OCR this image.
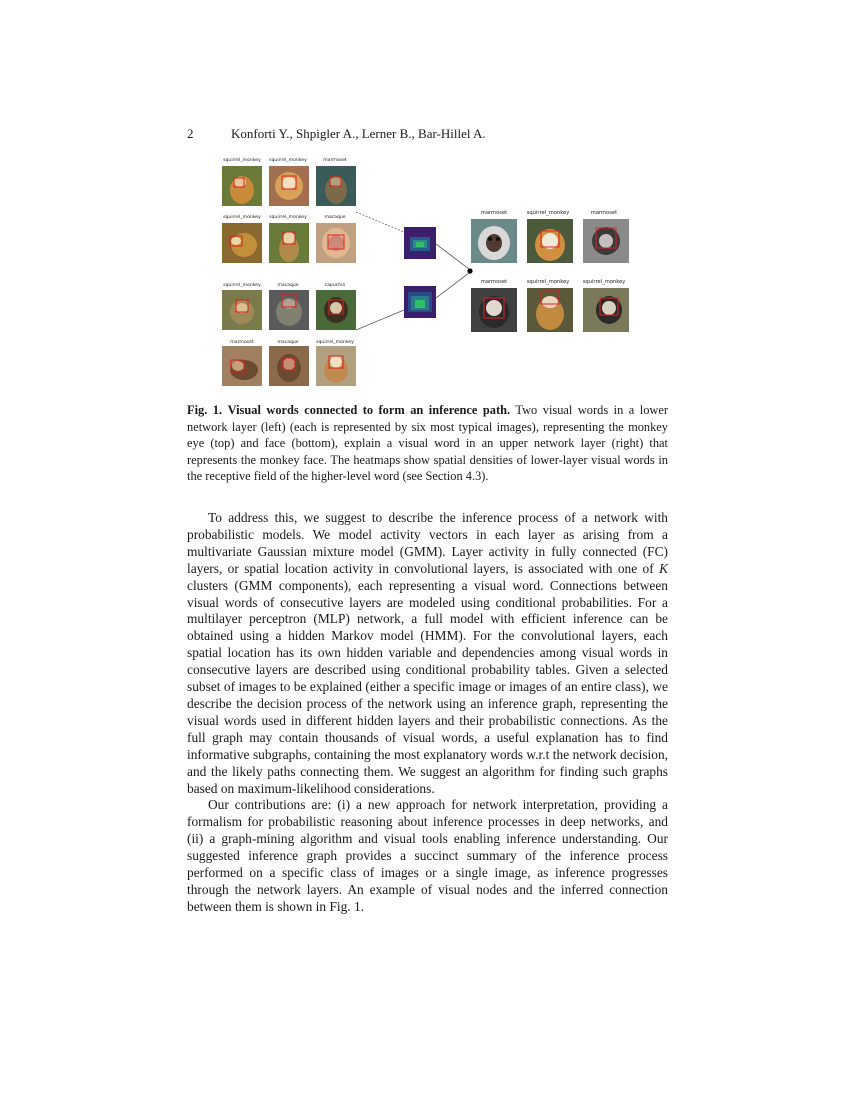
2	Konforti Y., Shpigler A., Lerner B., Bar-Hillel A.
squirrel_monkey	squirrel_monkey	marmoset
squirrel_monkey	squirrel_monkey	macaque
squirrel_monkey	macaque	capuchin
marmoset	macaque	squirrel_monkey
marmoset	squirrel_monkey	marmoset
marmoset	squirrel_monkey	squirrel_monkey
Fig. 1. Visual words connected to form an inference path. Two visual words in a lower network layer (left) (each is represented by six most typical images), representing the monkey eye (top) and face (bottom), explain a visual word in an upper network layer (right) that represents the monkey face. The heatmaps show spatial densities of lower-layer visual words in the receptive field of the higher-level word (see Section 4.3).

To address this, we suggest to describe the inference process of a network with probabilistic models. We model activity vectors in each layer as arising from a multivariate Gaussian mixture model (GMM). Layer activity in fully connected (FC) layers, or spatial location activity in convolutional layers, is associated with one of K clusters (GMM components), each representing a visual word. Connections between visual words of consecutive layers are modeled using conditional probabilities. For a multilayer perceptron (MLP) network, a full model with efficient inference can be obtained using a hidden Markov model (HMM). For the convolutional layers, each spatial location has its own hidden variable and dependencies among visual words in consecutive layers are described using conditional probability tables. Given a selected subset of images to be explained (either a specific image or images of an entire class), we describe the decision process of the network using an inference graph, representing the visual words used in different hidden layers and their probabilistic connections. As the full graph may contain thousands of visual words, a useful explanation has to find informative subgraphs, containing the most explanatory words w.r.t the network decision, and the likely paths connecting them. We suggest an algorithm for finding such graphs based on maximum-likelihood considerations.

Our contributions are: (i) a new approach for network interpretation, providing a formalism for probabilistic reasoning about inference processes in deep networks, and (ii) a graph-mining algorithm and visual tools enabling inference understanding. Our suggested inference graph provides a succinct summary of the inference process performed on a specific class of images or a single image, as inference progresses through the network layers. An example of visual nodes and the inferred connection between them is shown in Fig. 1.
